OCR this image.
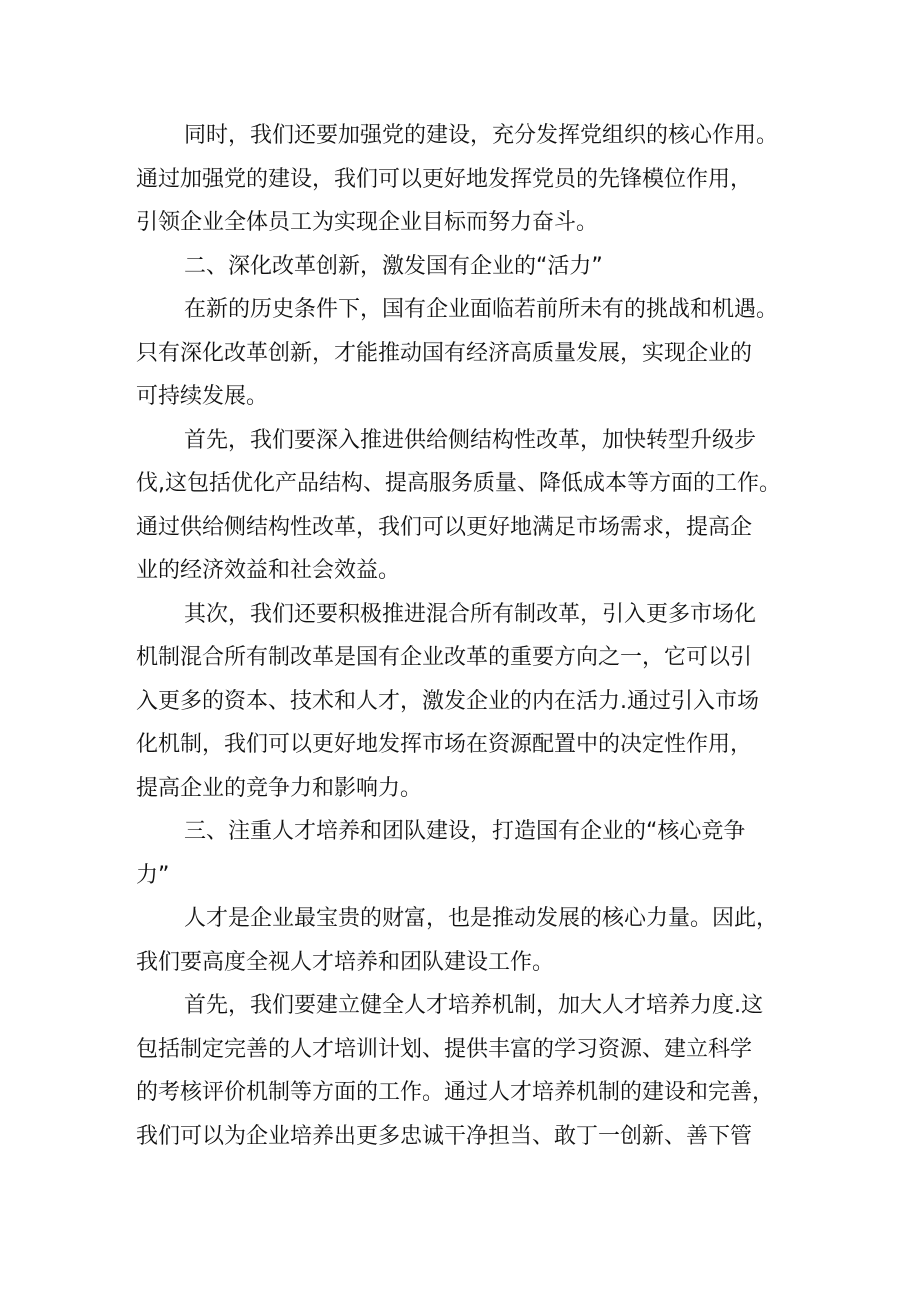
同时，我们还要加强党的建设，充分发挥党组织的核心作用。
通过加强党的建设，我们可以更好地发挥党员的先锋模位作用，
引领企业全体员工为实现企业目标而努力奋斗。
二、深化改革创新，激发国有企业的“活力”
在新的历史条件下，国有企业面临若前所未有的挑战和机遇。
只有深化改革创新，才能推动国有经济高质量发展，实现企业的
可持续发展。
首先，我们要深入推进供给侧结构性改革，加快转型升级步
伐,这包括优化产品结构、提高服务质量、降低成本等方面的工作。
通过供给侧结构性改革，我们可以更好地满足市场需求，提高企
业的经济效益和社会效益。
其次，我们还要积极推进混合所有制改革，引入更多市场化
机制混合所有制改革是国有企业改革的重要方向之一，它可以引
入更多的资本、技术和人才，激发企业的内在活力.通过引入市场
化机制，我们可以更好地发挥市场在资源配置中的决定性作用，
提高企业的竞争力和影响力。
三、注重人才培养和团队建设，打造国有企业的“核心竞争
力”
人才是企业最宝贵的财富，也是推动发展的核心力量。因此，
我们要高度全视人才培养和团队建设工作。
首先，我们要建立健全人才培养机制，加大人才培养力度.这
包括制定完善的人才培训计划、提供丰富的学习资源、建立科学
的考核评价机制等方面的工作。通过人才培养机制的建设和完善，
我们可以为企业培养出更多忠诚干净担当、敢丁一创新、善下管
